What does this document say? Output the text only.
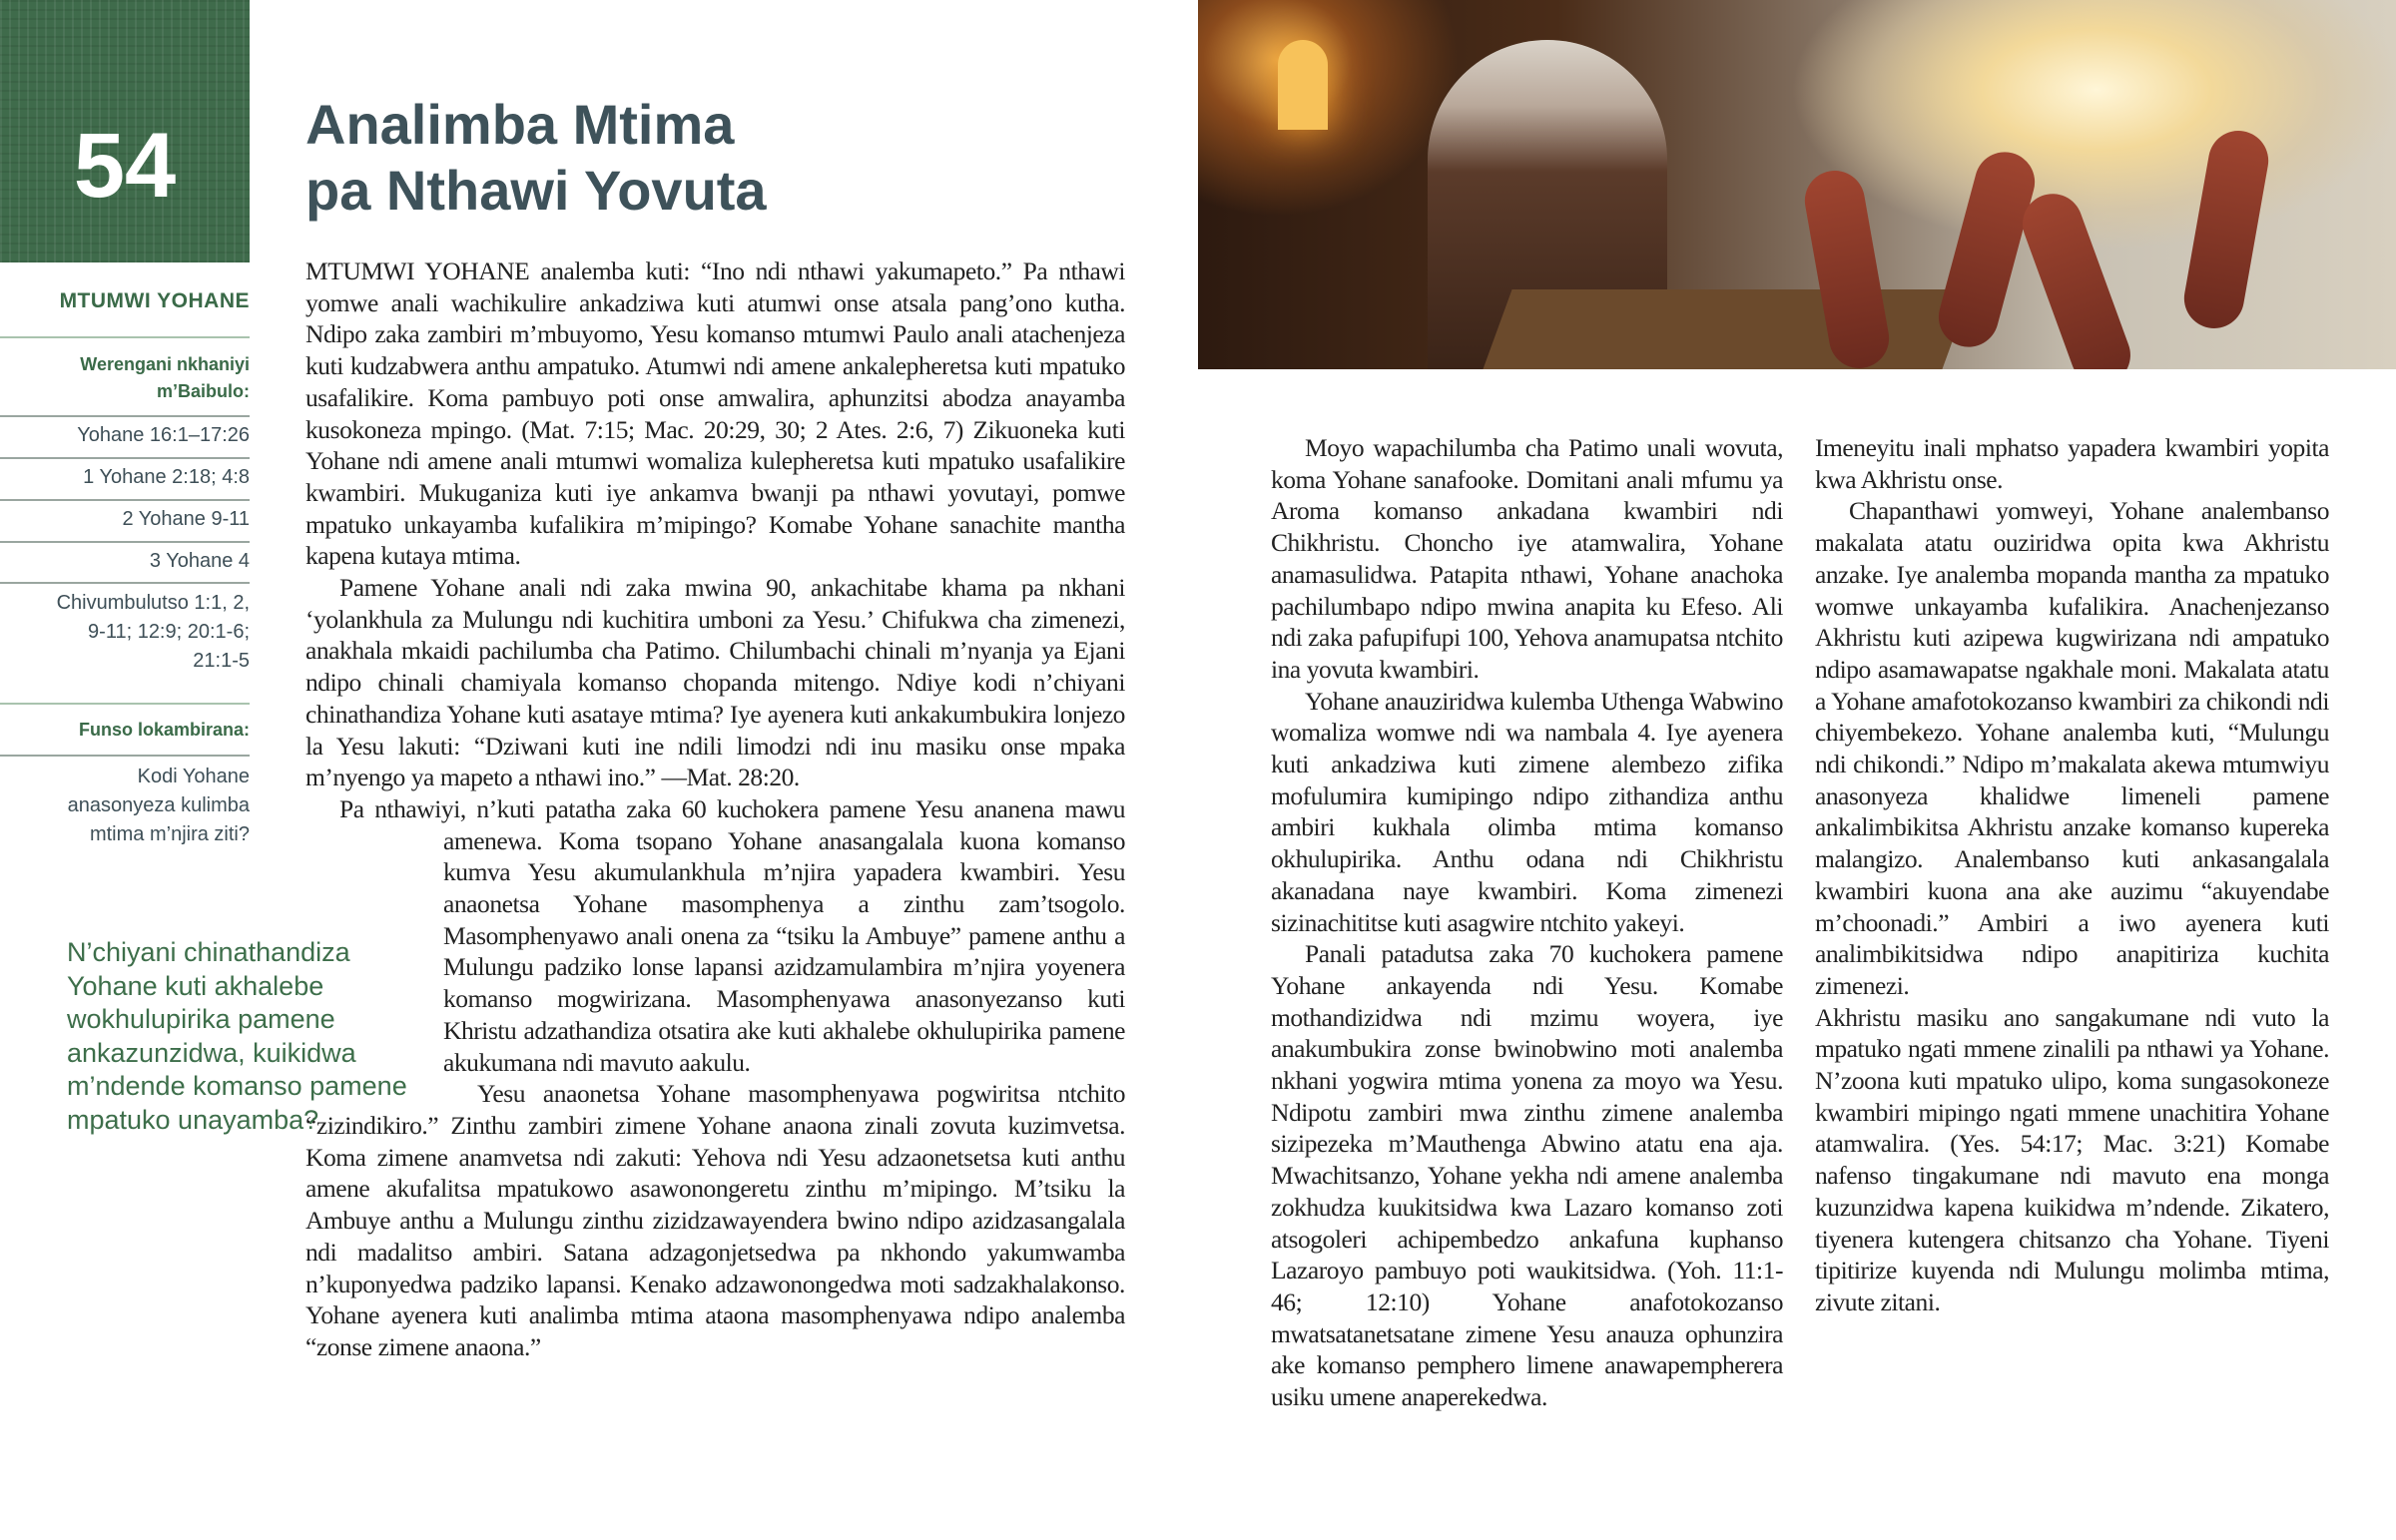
54
MTUMWI YOHANE
Werengani nkhaniyi m’Baibulo:
Yohane 16:1–17:26
1 Yohane 2:18; 4:8
2 Yohane 9-11
3 Yohane 4
Chivumbulutso 1:1, 2, 9-11; 12:9; 20:1-6; 21:1-5
Funso lokambirana:
Kodi Yohane anasonyeza kulimba mtima m’njira ziti?
Analimba Mtima
pa Nthawi Yovuta

MTUMWI YOHANE analemba kuti: “Ino ndi nthawi yakumapeto.” Pa nthawi yomwe anali wachikulire ankadziwa kuti atumwi onse atsala pang’ono kutha. Ndipo zaka zambiri m’mbuyomo, Yesu komanso mtumwi Paulo anali atachenjeza kuti kudzabwera anthu ampatuko. Atumwi ndi amene ankalepheretsa kuti mpatuko usafalikire. Koma pambuyo poti onse amwalira, aphunzitsi abodza anayamba kusokoneza mpingo. (Mat. 7:15; Mac. 20:29, 30; 2 Ates. 2:6, 7) Zikuoneka kuti Yohane ndi amene anali mtumwi womaliza kulepheretsa kuti mpatuko usafalikire kwambiri. Mukuganiza kuti iye ankamva bwanji pa nthawi yovutayi, pomwe mpatuko unkayamba kufalikira m’mipingo? Komabe Yohane sanachite mantha kapena kutaya mtima.

Pamene Yohane anali ndi zaka mwina 90, ankachitabe khama pa nkhani ‘yolankhula za Mulungu ndi kuchitira umboni za Yesu.’ Chifukwa cha zimenezi, anakhala mkaidi pachilumba cha Patimo. Chilumbachi chinali m’nyanja ya Ejani ndipo chinali chamiyala komanso chopanda mitengo. Ndiye kodi n’chiyani chinathandiza Yohane kuti asataye mtima? Iye ayenera kuti ankakumbukira lonjezo la Yesu lakuti: “Dziwani kuti ine ndili limodzi ndi inu masiku onse mpaka m’nyengo ya mapeto a nthawi ino.” —Mat. 28:20.

Pa nthawiyi, n’kuti patatha zaka 60 kuchokera pamene Yesu ananena mawu amenewa. Koma tsopano Yohane anasangalala kuona komanso kumva Yesu akumulankhula m’njira yapadera kwambiri. Yesu anaonetsa Yohane masomphenya a zinthu zam’tsogolo. Masomphenyawo anali onena za “tsiku la Ambuye” pamene anthu a Mulungu padziko lonse lapansi azidzamulambira m’njira yoyenera komanso mogwirizana. Masomphenyawa anasonyezanso kuti Khristu adzathandiza otsatira ake kuti akhalebe okhulupirika pamene akukumana ndi mavuto aakulu.

Yesu anaonetsa Yohane masomphenyawa pogwiritsa ntchito “zizindikiro.” Zinthu zambiri zimene Yohane anaona zinali zovuta kuzimvetsa. Koma zimene anamvetsa ndi zakuti: Yehova ndi Yesu adzaonetsetsa kuti anthu amene akufalitsa mpatukowo asawonongeretu zinthu m’mipingo. M’tsiku la Ambuye anthu a Mulungu zinthu zizidzawayendera bwino ndipo azidzasangalala ndi madalitso ambiri. Satana adzagonjetsedwa pa nkhondo yakumwamba n’kuponyedwa padziko lapansi. Kenako adzawonongedwa moti sadzakhalakonso. Yohane ayenera kuti analimba mtima ataona masomphenyawa ndipo analemba “zonse zimene anaona.”

N’chiyani chinathandiza Yohane kuti akhalebe wokhulupirika pamene ankazunzidwa, kuikidwa m’ndende komanso pamene mpatuko unayamba?

Moyo wapachilumba cha Patimo unali wovuta, koma Yohane sanafooke. Domitani anali mfumu ya Aroma komanso ankadana kwambiri ndi Chikhristu. Choncho iye atamwalira, Yohane anamasulidwa. Patapita nthawi, Yohane anachoka pachilumbapo ndipo mwina anapita ku Efeso. Ali ndi zaka pafupifupi 100, Yehova anamupatsa ntchito ina yovuta kwambiri.

Yohane anauziridwa kulemba Uthenga Wabwino womaliza womwe ndi wa nambala 4. Iye ayenera kuti ankadziwa kuti zimene alembezo zifika mofulumira kumipingo ndipo zithandiza anthu ambiri kukhala olimba mtima komanso okhulupirika. Anthu odana ndi Chikhristu akanadana naye kwambiri. Koma zimenezi sizinachititse kuti asagwire ntchito yakeyi.

Panali patadutsa zaka 70 kuchokera pamene Yohane ankayenda ndi Yesu. Komabe mothandizidwa ndi mzimu woyera, iye anakumbukira zonse bwinobwino moti analemba nkhani yogwira mtima yonena za moyo wa Yesu. Ndipotu zambiri mwa zinthu zimene analemba sizipezeka m’Mauthenga Abwino atatu ena aja. Mwachitsanzo, Yohane yekha ndi amene analemba zokhudza kuukitsidwa kwa Lazaro komanso zoti atsogoleri achipembedzo ankafuna kuphanso Lazaroyo pambuyo poti waukitsidwa. (Yoh. 11:1-46; 12:10) Yohane anafotokozanso mwatsatanetsatane zimene Yesu anauza ophunzira ake komanso pemphero limene anawapempherera usiku umene anaperekedwa.

Imeneyitu inali mphatso yapadera kwambiri yopita kwa Akhristu onse.

Chapanthawi yomweyi, Yohane analembanso makalata atatu ouziridwa opita kwa Akhristu anzake. Iye analemba mopanda mantha za mpatuko womwe unkayamba kufalikira. Anachenjezanso Akhristu kuti azipewa kugwirizana ndi ampatuko ndipo asamawapatse ngakhale moni. Makalata atatu a Yohane amafotokozanso kwambiri za chikondi ndi chiyembekezo. Yohane analemba kuti, “Mulungu ndi chikondi.” Ndipo m’makalata akewa mtumwiyu anasonyeza khalidwe limeneli pamene ankalimbikitsa Akhristu anzake komanso kupereka malangizo. Analembanso kuti ankasangalala kwambiri kuona ana ake auzimu “akuyendabe m’choonadi.” Ambiri a iwo ayenera kuti analimbikitsidwa ndipo anapitiriza kuchita zimenezi.

Akhristu masiku ano sangakumane ndi vuto la mpatuko ngati mmene zinalili pa nthawi ya Yohane. N’zoona kuti mpatuko ulipo, koma sungasokoneze kwambiri mipingo ngati mmene unachitira Yohane atamwalira. (Yes. 54:17; Mac. 3:21) Komabe nafenso tingakumane ndi mavuto ena monga kuzunzidwa kapena kuikidwa m’ndende. Zikatero, tiyenera kutengera chitsanzo cha Yohane. Tiyeni tipitirize kuyenda ndi Mulungu molimba mtima, zivute zitani.
